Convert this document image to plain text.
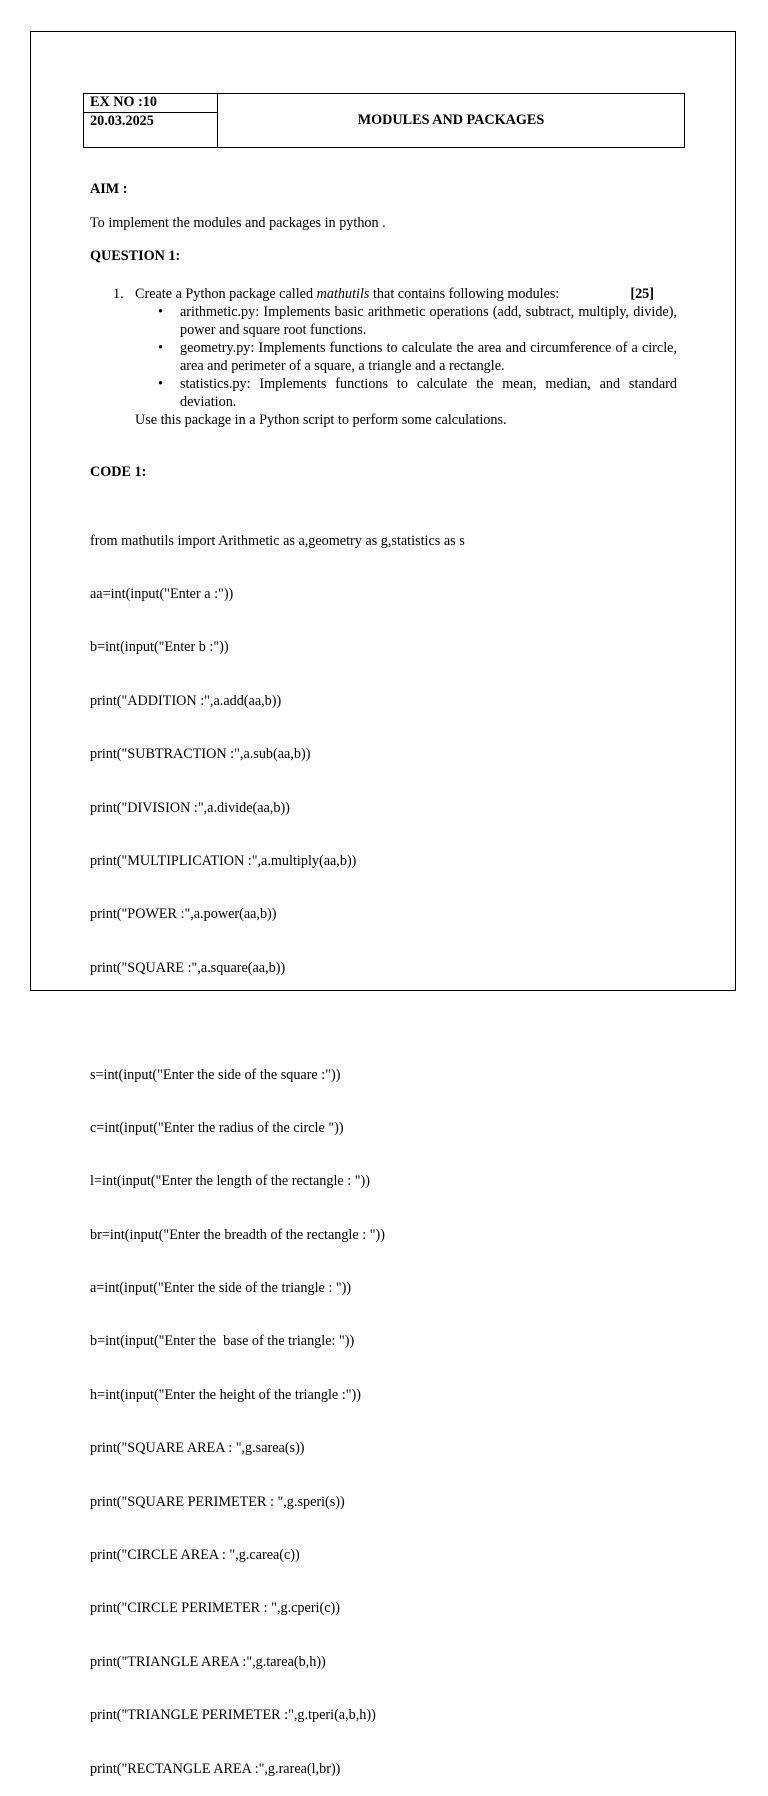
EX NO :10	MODULES AND PACKAGES
20.03.2025
AIM :
To implement the modules and packages in python .
QUESTION 1:
1. Create a Python package called mathutils that contains following modules:	[25]
• arithmetic.py: Implements basic arithmetic operations (add, subtract, multiply, divide), power and square root functions.
• geometry.py: Implements functions to calculate the area and circumference of a circle, area and perimeter of a square, a triangle and a rectangle.
• statistics.py: Implements functions to calculate the mean, median, and standard deviation.
Use this package in a Python script to perform some calculations.
CODE 1:

from mathutils import Arithmetic as a,geometry as g,statistics as s

aa=int(input("Enter a :"))

b=int(input("Enter b :"))

print("ADDITION :",a.add(aa,b))

print("SUBTRACTION :",a.sub(aa,b))

print("DIVISION :",a.divide(aa,b))

print("MULTIPLICATION :",a.multiply(aa,b))

print("POWER :",a.power(aa,b))

print("SQUARE :",a.square(aa,b))

s=int(input("Enter the side of the square :"))

c=int(input("Enter the radius of the circle "))

l=int(input("Enter the length of the rectangle : "))

br=int(input("Enter the breadth of the rectangle : "))

a=int(input("Enter the side of the triangle : "))

b=int(input("Enter the  base of the triangle: "))

h=int(input("Enter the height of the triangle :"))

print("SQUARE AREA : ",g.sarea(s))

print("SQUARE PERIMETER : ",g.speri(s))

print("CIRCLE AREA : ",g.carea(c))

print("CIRCLE PERIMETER : ",g.cperi(c))

print("TRIANGLE AREA :",g.tarea(b,h))

print("TRIANGLE PERIMETER :",g.tperi(a,b,h))

print("RECTANGLE AREA :",g.rarea(l,br))
